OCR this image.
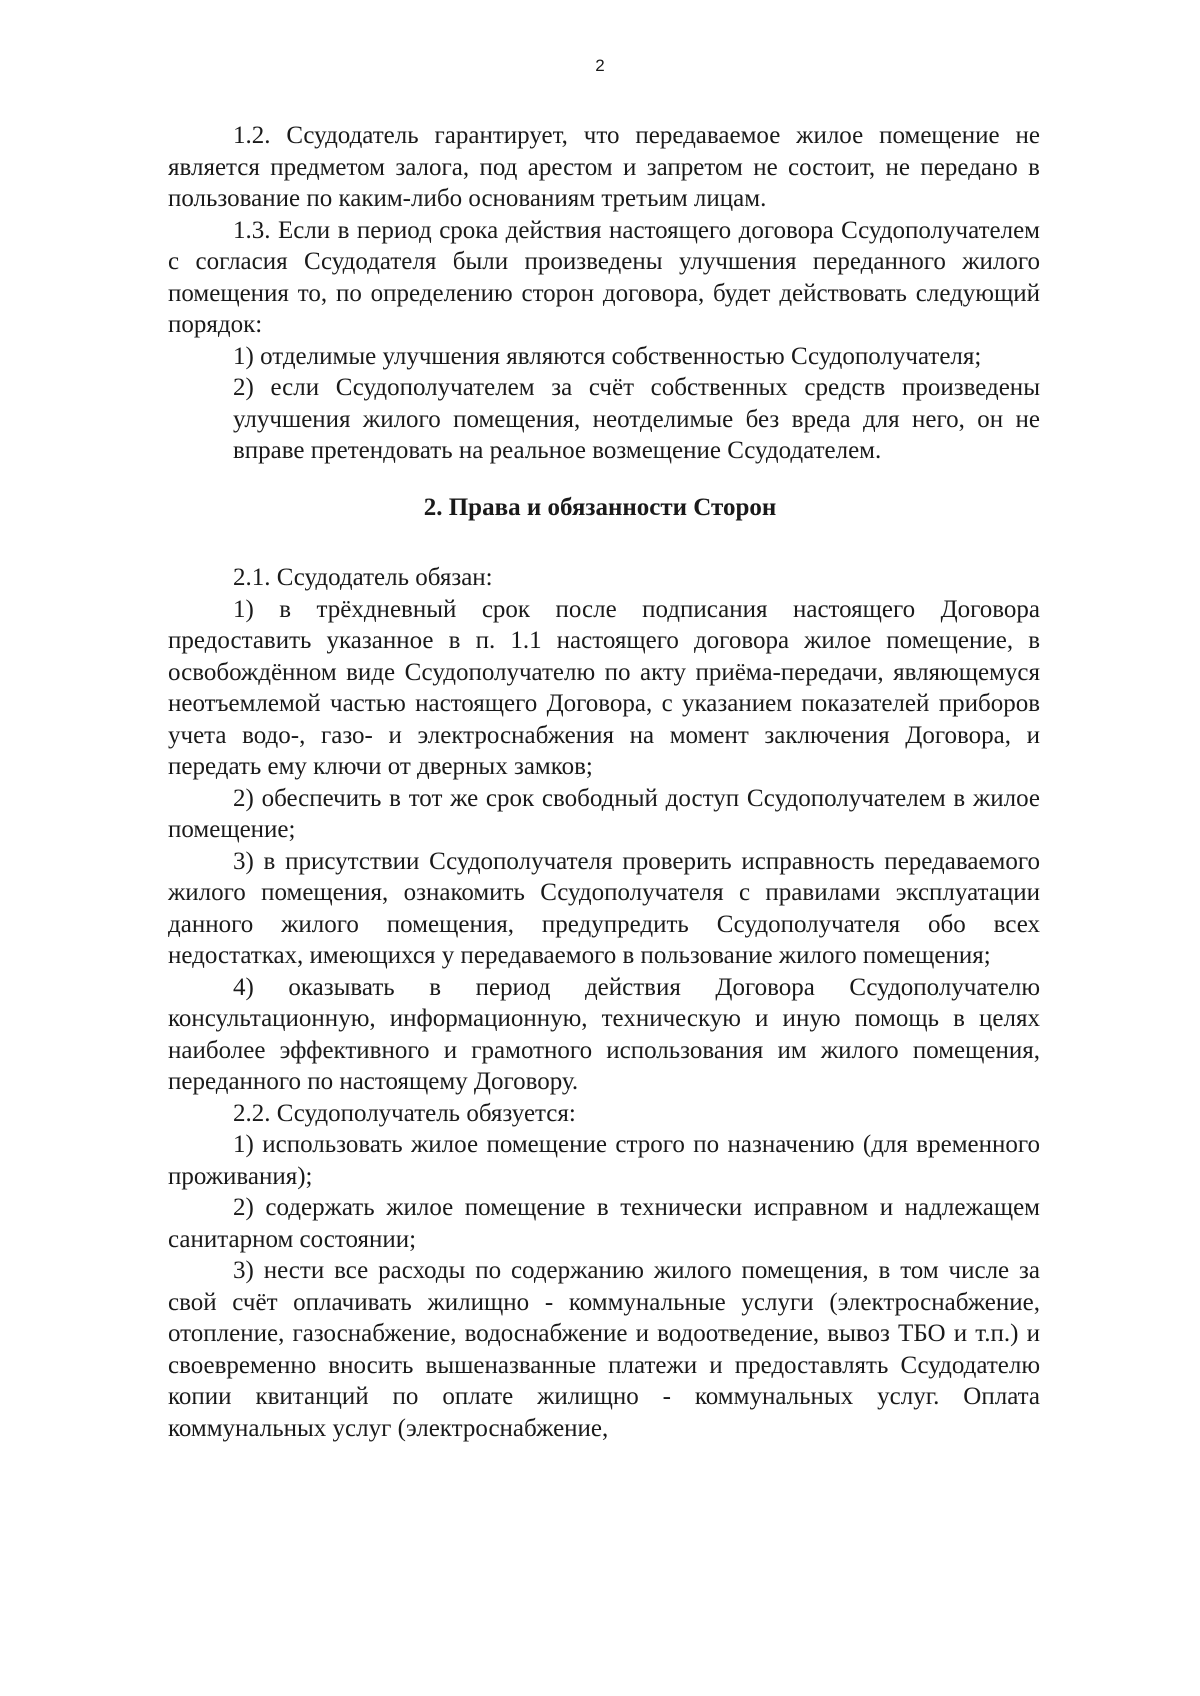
2

1.2. Ссудодатель гарантирует, что передаваемое жилое помещение не является предметом залога, под арестом и запретом не состоит, не передано в пользование по каким-либо основаниям третьим лицам.

1.3. Если в период срока действия настоящего договора Ссудополучателем с согласия Ссудодателя были произведены улучшения переданного жилого помещения то, по определению сторон договора, будет действовать следующий порядок:

1) отделимые улучшения являются собственностью Ссудополучателя;

2) если Ссудополучателем за счёт собственных средств произведены улучшения жилого помещения, неотделимые без вреда для него, он не вправе претендовать на реальное возмещение Ссудодателем.

2. Права и обязанности Сторон

2.1. Ссудодатель обязан:

1) в трёхдневный срок после подписания настоящего Договора предоставить указанное в п. 1.1 настоящего договора жилое помещение, в освобождённом виде Ссудополучателю по акту приёма-передачи, являющемуся неотъемлемой частью настоящего Договора, с указанием показателей приборов учета водо-, газо- и электроснабжения на момент заключения Договора, и передать ему ключи от дверных замков;

2) обеспечить в тот же срок свободный доступ Ссудополучателем в жилое помещение;

3) в присутствии Ссудополучателя проверить исправность передаваемого жилого помещения, ознакомить Ссудополучателя с правилами эксплуатации данного жилого помещения, предупредить Ссудополучателя обо всех недостатках, имеющихся у передаваемого в пользование жилого помещения;

4) оказывать в период действия Договора Ссудополучателю консультационную, информационную, техническую и иную помощь в целях наиболее эффективного и грамотного использования им жилого помещения, переданного по настоящему Договору.

2.2. Ссудополучатель обязуется:

1) использовать жилое помещение строго по назначению (для временного проживания);

2) содержать жилое помещение в технически исправном и надлежащем санитарном состоянии;

3) нести все расходы по содержанию жилого помещения, в том числе за свой счёт оплачивать жилищно - коммунальные услуги (электроснабжение, отопление, газоснабжение, водоснабжение и водоотведение, вывоз ТБО и т.п.) и своевременно вносить вышеназванные платежи и предоставлять Ссудодателю копии квитанций по оплате жилищно - коммунальных услуг. Оплата коммунальных услуг (электроснабжение,
